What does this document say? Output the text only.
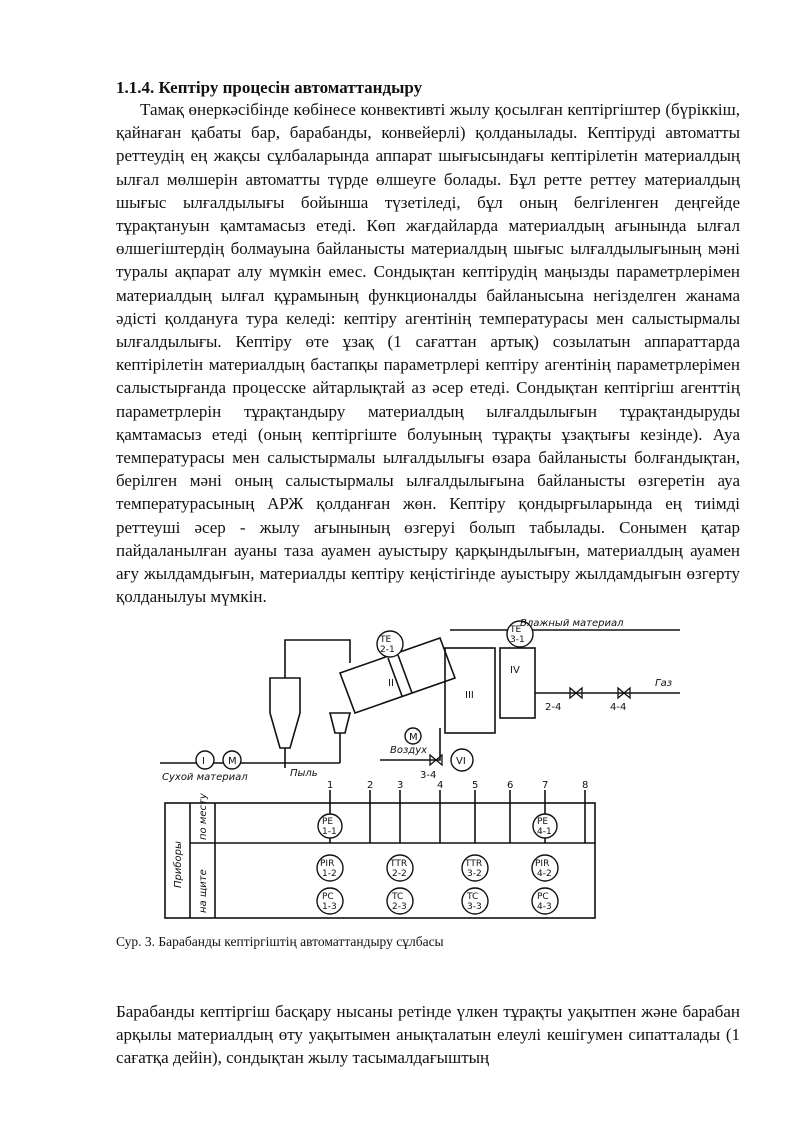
1.1.4. Кептіру процесін автоматтандыру

Тамақ өнеркәсібінде көбінесе конвективті жылу қосылған кептіргіштер (бүріккіш, қайнаған қабаты бар, барабанды, конвейерлі) қолданылады. Кептіруді автоматты реттеудің ең жақсы сұлбаларында аппарат шығысындағы кептірілетін материалдың ылғал мөлшерін автоматты түрде өлшеуге болады. Бұл ретте реттеу материалдың шығыс ылғалдылығы бойынша түзетіледі, бұл оның белгіленген деңгейде тұрақтануын қамтамасыз етеді. Көп жағдайларда материалдың ағынында ылғал өлшегіштердің болмауына байланысты материалдың шығыс ылғалдылығының мәні туралы ақпарат алу мүмкін емес. Сондықтан кептірудің маңызды параметрлерімен материалдың ылғал құрамының функционалды байланысына негізделген жанама әдісті қолдануға тура келеді: кептіру агентінің температурасы мен салыстырмалы ылғалдылығы. Кептіру өте ұзақ (1 сағаттан артық) созылатын аппараттарда кептірілетін материалдың бастапқы параметрлері кептіру агентінің параметрлерімен салыстырғанда процесске айтарлықтай аз әсер етеді. Сондықтан кептіргіш агенттің параметрлерін тұрақтандыру материалдың ылғалдылығын тұрақтандыруды қамтамасыз етеді (оның кептіргіште болуының тұрақты ұзақтығы кезінде). Ауа температурасы мен салыстырмалы ылғалдылығы өзара байланысты болғандықтан, берілген мәні оның салыстырмалы ылғалдылығына байланысты өзгеретін ауа температурасының АРЖ қолданған жөн. Кептіру қондырғыларында ең тиімді реттеуші әсер - жылу ағынының өзгеруі болып табылады. Сонымен қатар пайдаланылған ауаны таза ауамен ауыстыру қарқындылығын, материалдың ауамен ағу жылдамдығын, материалды кептіру кеңістігінде ауыстыру жылдамдығын өзгерту қолданылуы мүмкін.

Влажный материал
Сухой материал
Воздух
Газ
Пыль
TE
2-1
TE
3-1
PE
1-1
PE
4-1
PIR
1-2
TTR
2-2
TTR
3-2
PIR
4-2
PC
1-3
TC
2-3
TC
3-3
PC
4-3
II
III
IV
VI
I M
M
3-4
2-4	4-4
1	2 3	4	5	6	7	8
Приборы
по месту
на щите
Сур. 3. Барабанды кептіргіштің автоматтандыру сұлбасы

Барабанды кептіргіш басқару нысаны ретінде үлкен тұрақты уақытпен және барабан арқылы материалдың өту уақытымен анықталатын елеулі кешігумен сипатталады (1 сағатқа дейін), сондықтан жылу тасымалдағыштың
